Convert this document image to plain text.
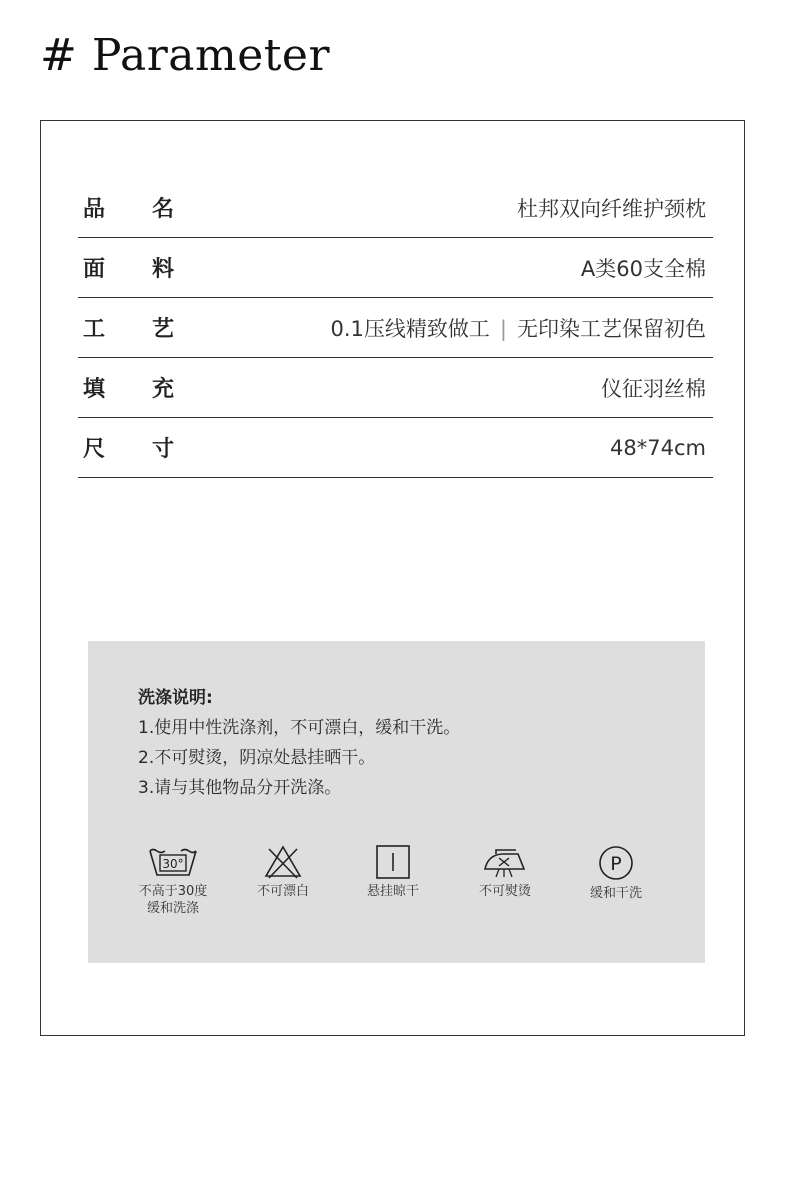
# Parameter
品 名	杜邦双向纤维护颈枕
面 料	A类60支全棉
工 艺	0.1压线精致做工 | 无印染工艺保留初色
填 充	仪征羽丝棉
尺 寸	48*74cm
洗涤说明:
1.使用中性洗涤剂，不可漂白，缓和干洗。
2.不可熨烫，阴凉处悬挂晒干。
3.请与其他物品分开洗涤。
30°
不高于30度
缓和洗涤
不可漂白	悬挂晾干	不可熨烫
P
缓和干洗
